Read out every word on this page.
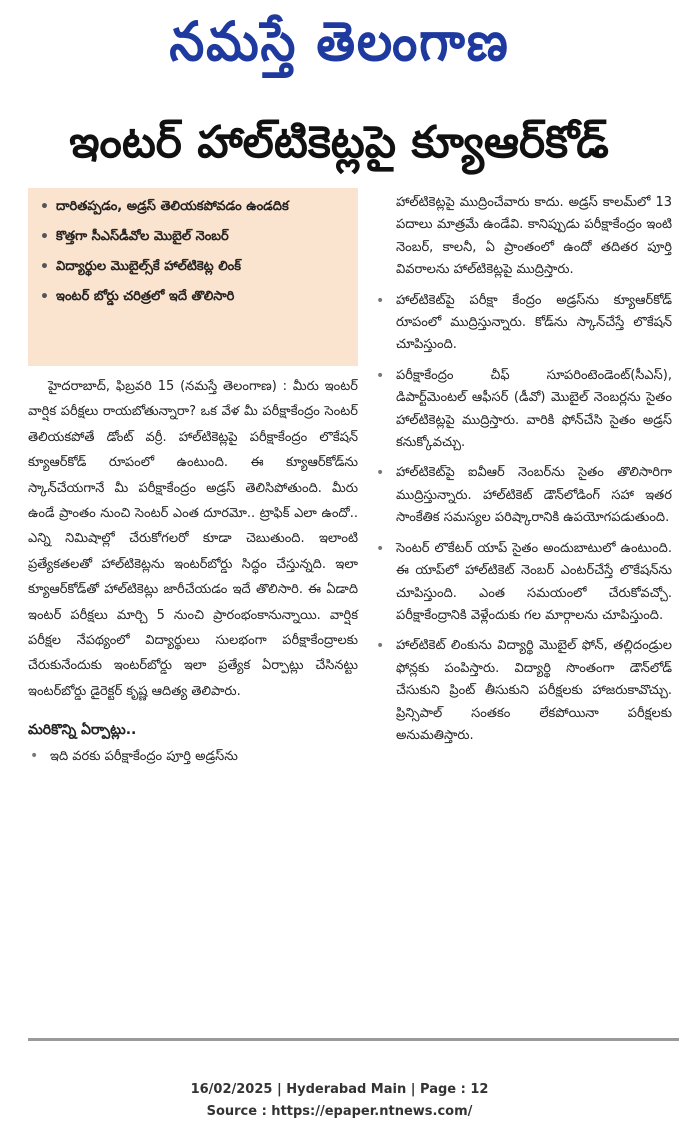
నమస్తే తెలంగాణ
ఇంటర్ హాల్‌టికెట్లపై క్యూఆర్‌కోడ్
• దారితప్పడం, అడ్రస్ తెలియకపోవడం ఉండదిక
• కొత్తగా సీఎస్‌డీవోల మొబైల్ నెంబర్
• విద్యార్థుల మొబైల్స్‌కే హాల్‌టికెట్ల లింక్
• ఇంటర్ బోర్డు చరిత్రలో ఇదే తొలిసారి

హైదరాబాద్, ఫిబ్రవరి 15 (నమస్తే తెలంగాణ) : మీరు ఇంటర్ వార్షిక పరీక్షలు రాయబోతున్నారా? ఒక వేళ మీ పరీక్షాకేంద్రం సెంటర్ తెలియకపోతే డోంట్ వర్రీ. హాల్‌టికెట్లపై పరీక్షాకేంద్రం లొకేషన్ క్యూఆర్‌కోడ్ రూపంలో ఉంటుంది. ఈ క్యూఆర్‌కోడ్‌ను స్కాన్‌చేయగానే మీ పరీక్షాకేంద్రం అడ్రస్ తెలిసిపోతుంది. మీరు ఉండే ప్రాంతం నుంచి సెంటర్ ఎంత దూరమో.. ట్రాఫిక్ ఎలా ఉందో.. ఎన్ని నిమిషాల్లో చేరుకోగలరో కూడా చెబుతుంది. ఇలాంటి ప్రత్యేకతలతో హాల్‌టికెట్లను ఇంటర్‌బోర్డు సిద్ధం చేస్తున్నది. ఇలా క్యూఆర్‌కోడ్‌తో హాల్‌టికెట్లు జారీచేయడం ఇదే తొలిసారి. ఈ ఏడాది ఇంటర్ పరీక్షలు మార్చి 5 నుంచి ప్రారంభంకానున్నాయి. వార్షిక పరీక్షల నేపథ్యంలో విద్యార్థులు సులభంగా పరీక్షాకేంద్రాలకు చేరుకునేందుకు ఇంటర్‌బోర్డు ఇలా ప్రత్యేక ఏర్పాట్లు చేసినట్టు ఇంటర్‌బోర్డు డైరెక్టర్ కృష్ణ ఆదిత్య తెలిపారు.

మరికొన్ని ఏర్పాట్లు..
• ఇది వరకు పరీక్షాకేంద్రం పూర్తి అడ్రస్‌ను

హాల్‌టికెట్లపై ముద్రించేవారు కాదు. అడ్రస్ కాలమ్‌లో 13 పదాలు మాత్రమే ఉండేవి. కానిప్పుడు పరీక్షాకేంద్రం ఇంటి నెంబర్, కాలనీ, ఏ ప్రాంతంలో ఉందో తదితర పూర్తి వివరాలను హాల్‌టికెట్లపై ముద్రిస్తారు.

• హాల్‌టికెట్‌పై పరీక్షా కేంద్రం అడ్రస్‌ను క్యూఆర్‌కోడ్ రూపంలో ముద్రిస్తున్నారు. కోడ్‌ను స్కాన్‌చేస్తే లొకేషన్ చూపిస్తుంది.
• పరీక్షాకేంద్రం చీఫ్ సూపరింటెండెంట్(సీఎస్), డిపార్ట్‌మెంటల్ ఆఫీసర్ (డీవో) మొబైల్ నెంబర్లను సైతం హాల్‌టికెట్లపై ముద్రిస్తారు. వారికి ఫోన్‌చేసి సైతం అడ్రస్ కనుక్కోవచ్చు.
• హాల్‌టికెట్‌పై ఐవీఆర్ నెంబర్‌ను సైతం తొలిసారిగా ముద్రిస్తున్నారు. హాల్‌టికెట్ డౌన్‌లోడింగ్ సహా ఇతర సాంకేతిక సమస్యల పరిష్కారానికి ఉపయోగపడుతుంది.
• సెంటర్ లొకేటర్ యాప్ సైతం అందుబాటులో ఉంటుంది. ఈ యాప్‌లో హాల్‌టికెట్ నెంబర్ ఎంటర్‌చేస్తే లొకేషన్‌ను చూపిస్తుంది. ఎంత సమయంలో చేరుకోవచ్చో. పరీక్షాకేంద్రానికి వెళ్లేందుకు గల మార్గాలను చూపిస్తుంది.
• హాల్‌టికెట్ లింకును విద్యార్థి మొబైల్ ఫోన్, తల్లిదండ్రుల ఫోన్లకు పంపిస్తారు. విద్యార్థి సొంతంగా డౌన్‌లోడ్ చేసుకుని ప్రింట్ తీసుకుని పరీక్షలకు హాజరుకావొచ్చు. ప్రిన్సిపాల్ సంతకం లేకపోయినా పరీక్షలకు అనుమతిస్తారు.
16/02/2025 | Hyderabad Main | Page : 12
Source : https://epaper.ntnews.com/
